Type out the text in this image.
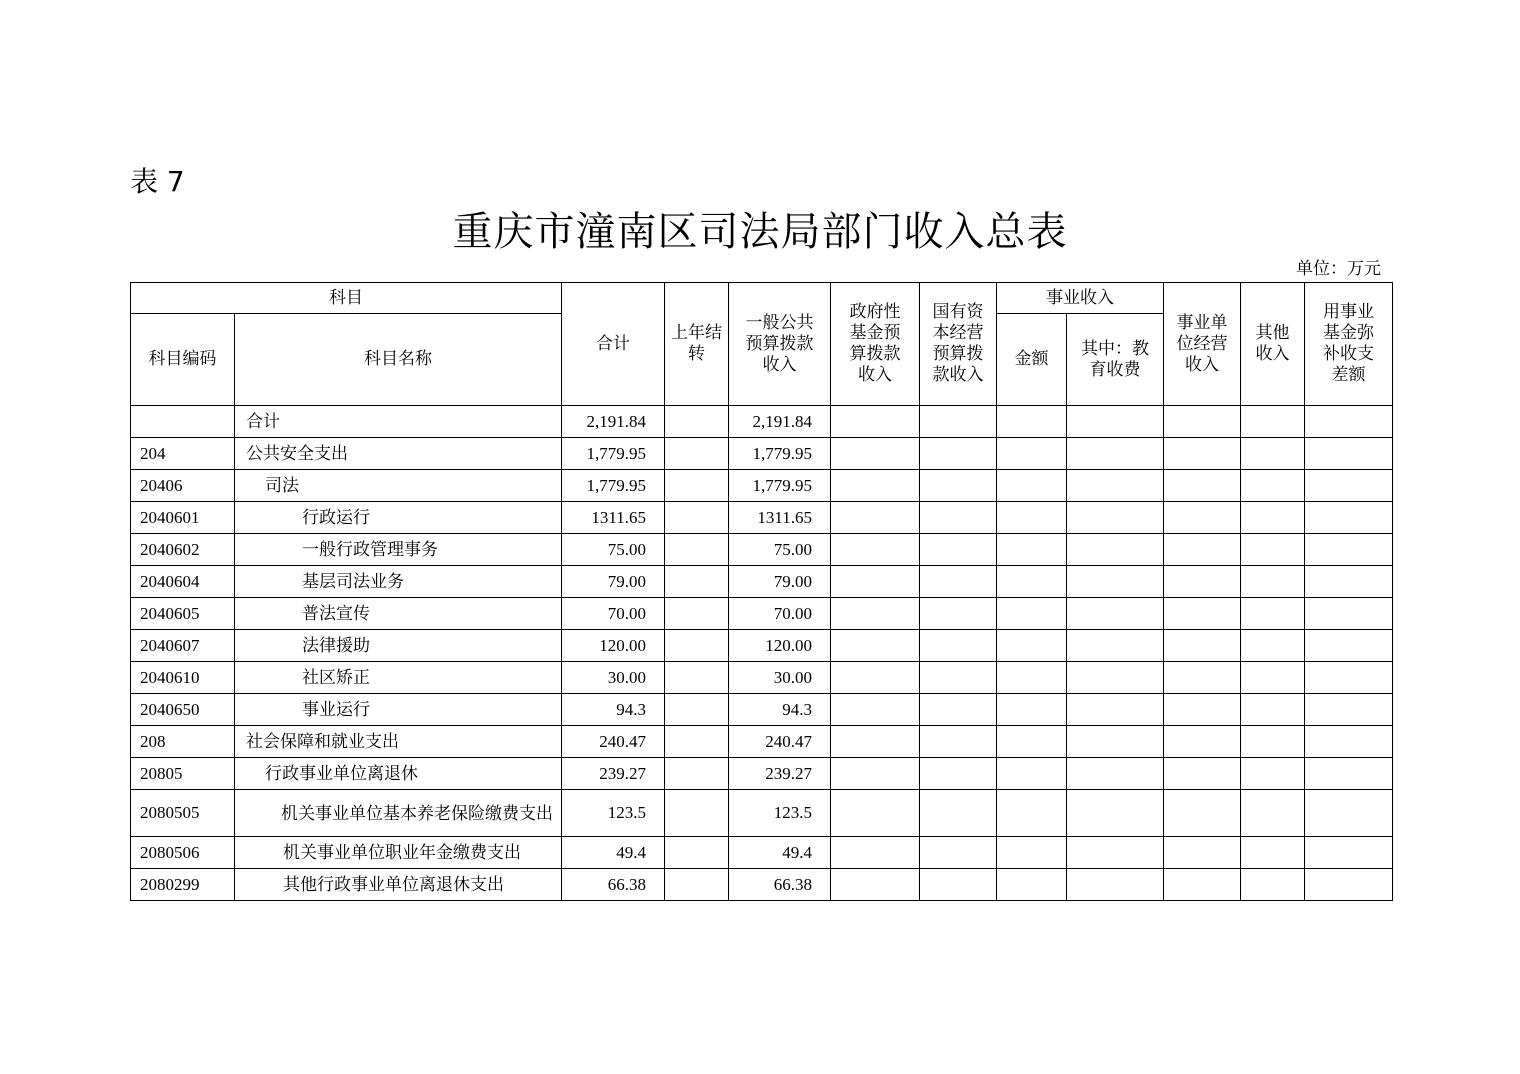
表 7
重庆市潼南区司法局部门收入总表
单位：万元
科目		合计	上年结转	一般公共预算拨款收入	政府性基金预算拨款收入	国有资本经营预算拨款收入	事业收入		事业单位经营收入	其他收入	用事业基金弥补收支差额
科目编码	科目名称						金额	其中：教育收费			
	合计	2,191.84		2,191.84							
204	公共安全支出	1,779.95		1,779.95							
20406	司法	1,779.95		1,779.95							
2040601	行政运行	1311.65		1311.65							
2040602	一般行政管理事务	75.00		75.00							
2040604	基层司法业务	79.00		79.00							
2040605	普法宣传	70.00		70.00							
2040607	法律援助	120.00		120.00							
2040610	社区矫正	30.00		30.00							
2040650	事业运行	94.3		94.3							
208	社会保障和就业支出	240.47		240.47							
20805	行政事业单位离退休	239.27		239.27							
2080505	机关事业单位基本养老保险缴费支出	123.5		123.5							
2080506	机关事业单位职业年金缴费支出	49.4		49.4							
2080299	其他行政事业单位离退休支出	66.38		66.38							
